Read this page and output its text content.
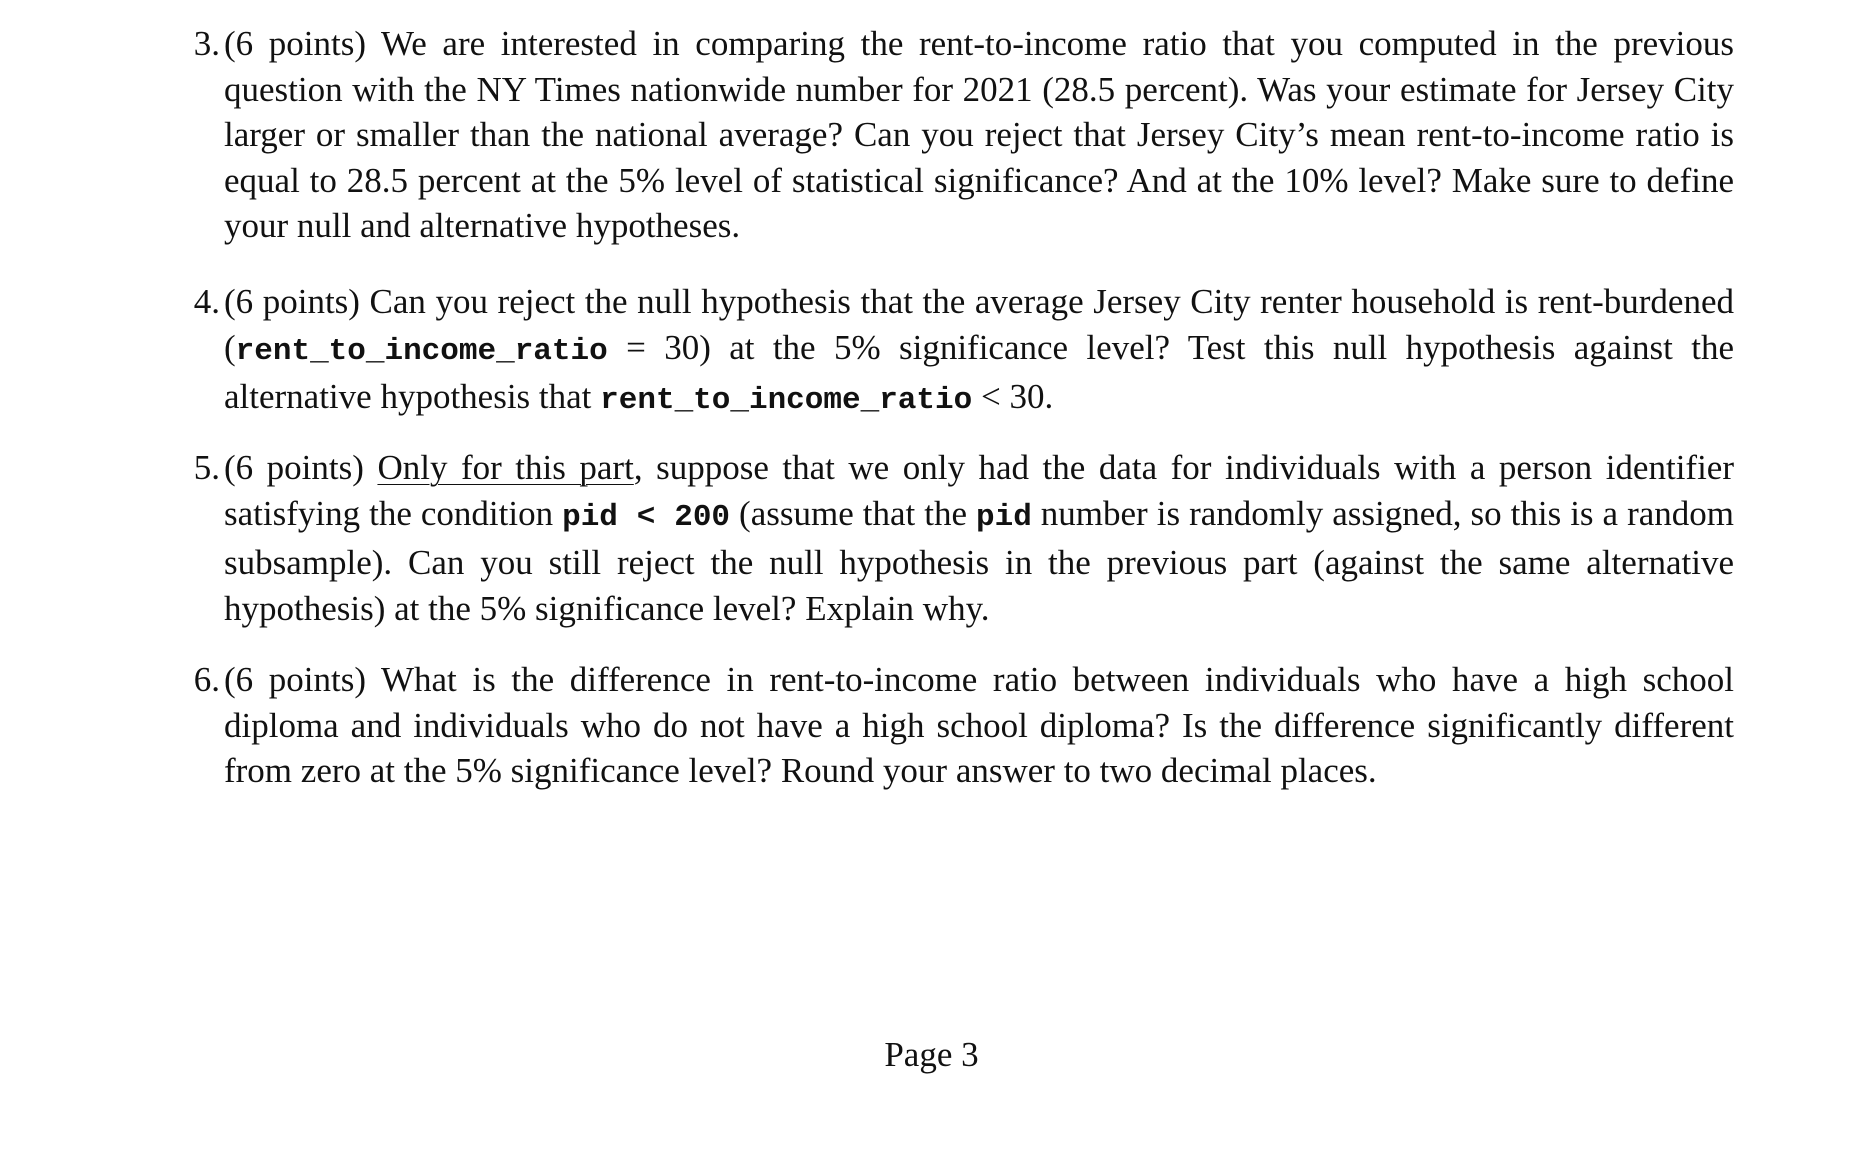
3. (6 points) We are interested in comparing the rent-to-income ratio that you computed in the previous question with the NY Times nationwide number for 2021 (28.5 percent). Was your estimate for Jersey City larger or smaller than the national average? Can you reject that Jersey City’s mean rent-to-income ratio is equal to 28.5 percent at the 5% level of statistical significance? And at the 10% level? Make sure to define your null and alternative hypotheses.
4. (6 points) Can you reject the null hypothesis that the average Jersey City renter household is rent-burdened (rent_to_income_ratio = 30) at the 5% significance level? Test this null hypothesis against the alternative hypothesis that rent_to_income_ratio < 30.
5. (6 points) Only for this part, suppose that we only had the data for individuals with a person identifier satisfying the condition pid < 200 (assume that the pid number is randomly assigned, so this is a random subsample). Can you still reject the null hypothesis in the previous part (against the same alternative hypothesis) at the 5% significance level? Explain why.
6. (6 points) What is the difference in rent-to-income ratio between individuals who have a high school diploma and individuals who do not have a high school diploma? Is the difference significantly different from zero at the 5% significance level? Round your answer to two decimal places.
Page 3
